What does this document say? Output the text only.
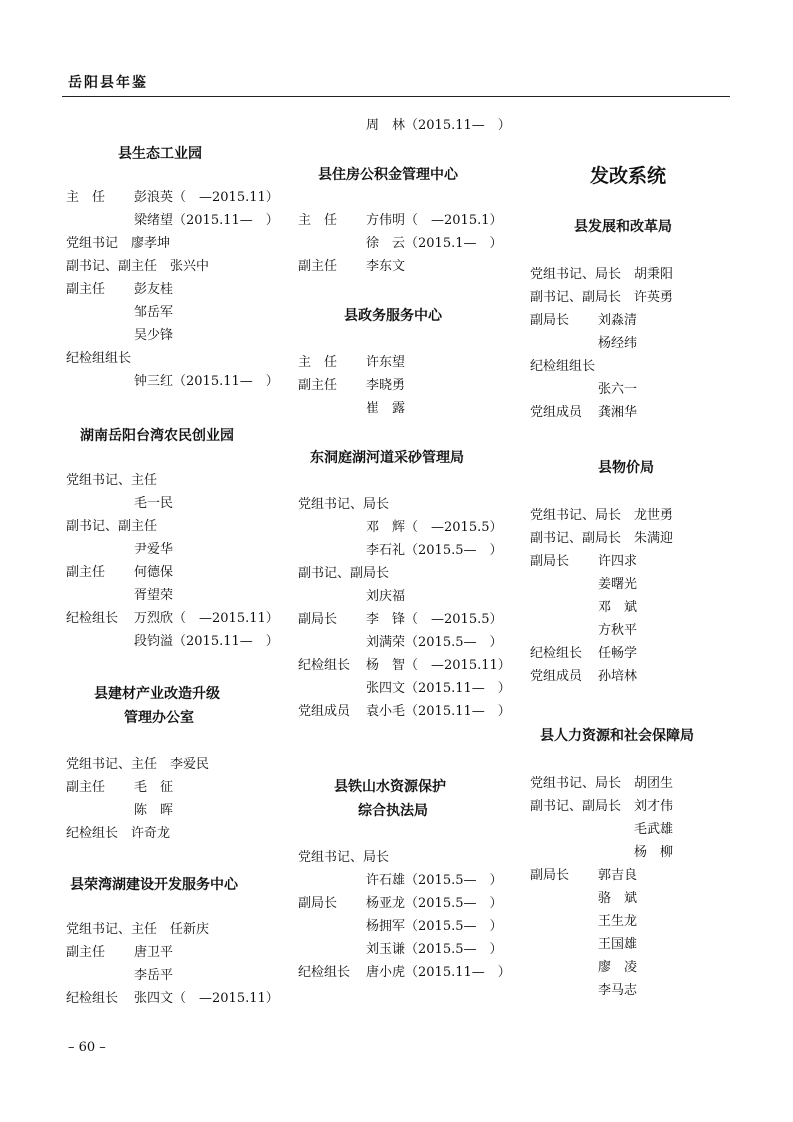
岳阳县年鉴
县生态工业园
主　任 彭浪英（　—2015.11）
梁绪望（2015.11—　）
党组书记　廖孝坤
副书记、副主任　张兴中
副主任 彭友桂
邹岳军
吴少锋
纪检组组长
钟三红（2015.11—　）
湖南岳阳台湾农民创业园
党组书记、主任
毛一民
副书记、副主任
尹爱华
副主任 何德保
胥望荣
纪检组长 万烈欣（　—2015.11）
段钧溢（2015.11—　）
县建材产业改造升级
管理办公室
党组书记、主任　李爱民
副主任 毛　征
陈　晖
纪检组长　许奇龙
县荣湾湖建设开发服务中心
党组书记、主任　任新庆
副主任 唐卫平
李岳平
纪检组长 张四文（　—2015.11）
周　林（2015.11—　）
县住房公积金管理中心
主　任 方伟明（　—2015.1）
徐　云（2015.1—　）
副主任 李东文
县政务服务中心
主　任 许东望
副主任 李晓勇
崔　露
东洞庭湖河道采砂管理局
党组书记、局长
邓　辉（　—2015.5）
李石礼（2015.5—　）
副书记、副局长
刘庆福
副局长 李　锋（　—2015.5）
刘满荣（2015.5—　）
纪检组长 杨　智（　—2015.11）
张四文（2015.11—　）
党组成员 袁小毛（2015.11—　）
县铁山水资源保护
综合执法局
党组书记、局长
许石雄（2015.5—　）
副局长 杨亚龙（2015.5—　）
杨拥军（2015.5—　）
刘玉谦（2015.5—　）
纪检组长 唐小虎（2015.11—　）
发改系统
县发展和改革局
党组书记、局长 胡秉阳
副书记、副局长 许英勇
副局长 刘淼清
杨经纬
纪检组组长
张六一
党组成员 龚湘华
县物价局
党组书记、局长 龙世勇
副书记、副局长 朱满迎
副局长 许四求
姜曙光
邓　斌
方秋平
纪检组长 任畅学
党组成员 孙培林
县人力资源和社会保障局
党组书记、局长 胡团生
副书记、副局长 刘才伟
毛武雄
杨　柳
副局长 郭吉良
骆　斌
王生龙
王国雄
廖　凌
李马志
– 60 –
